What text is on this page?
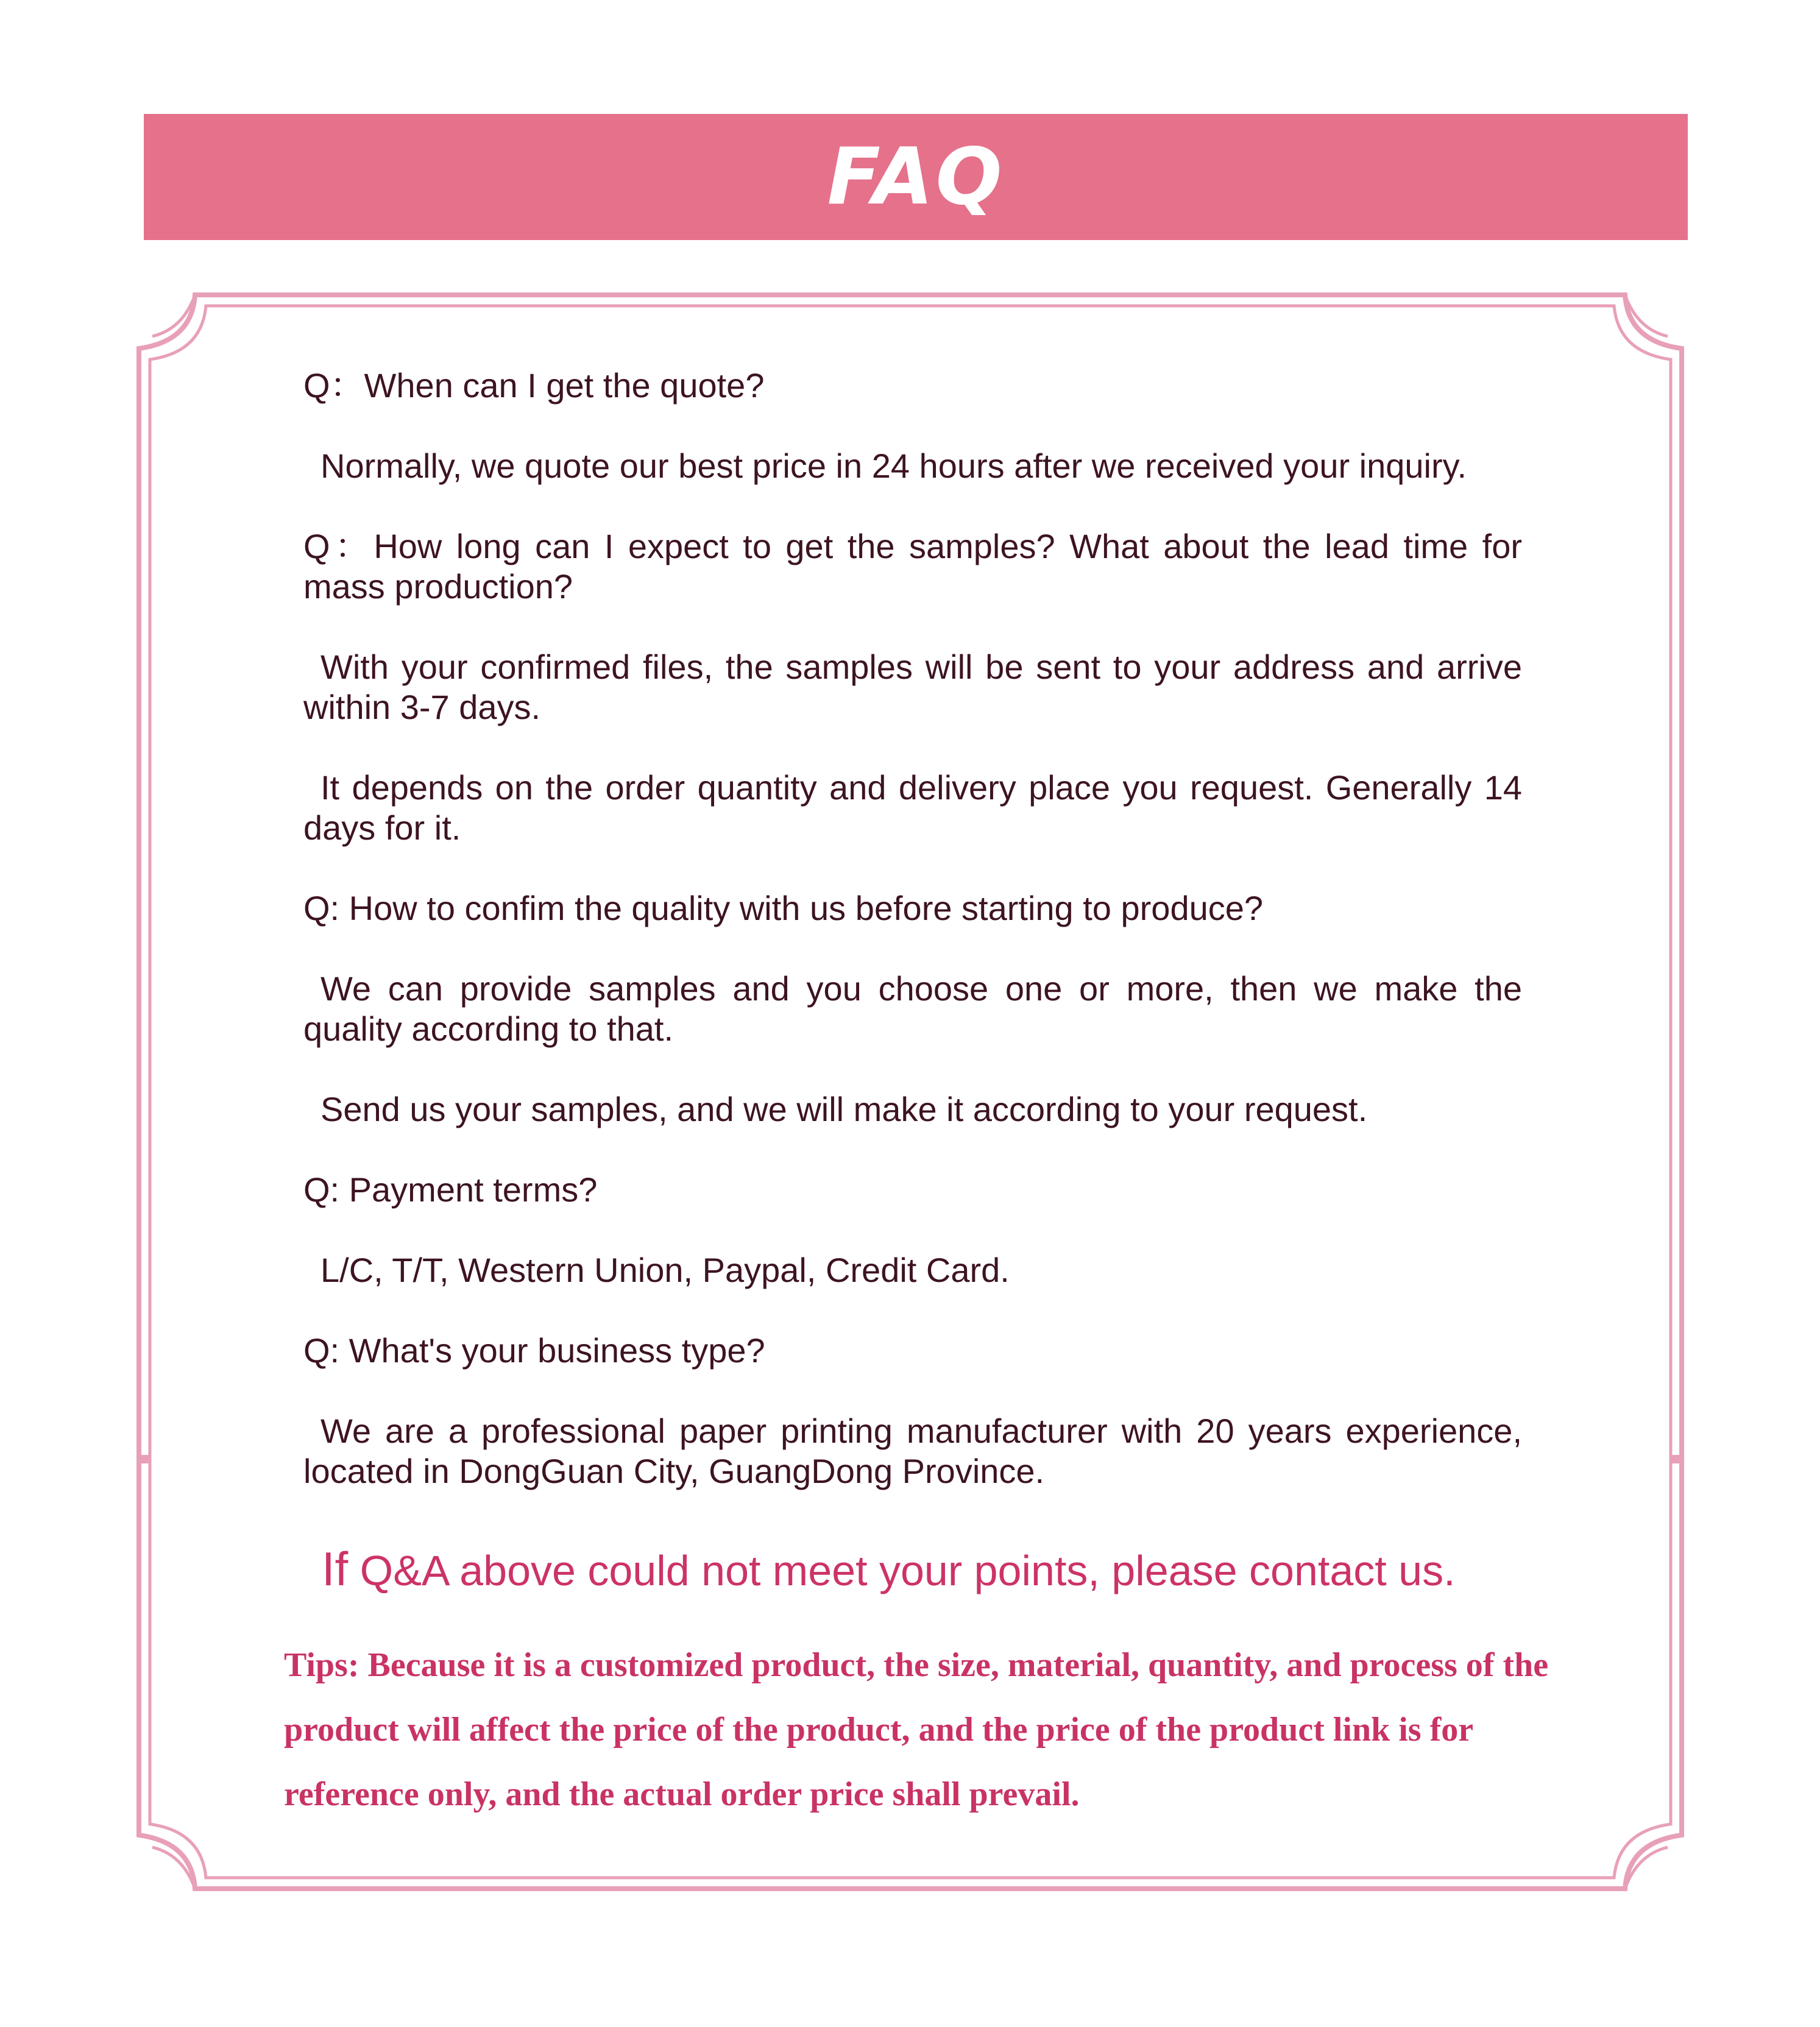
FAQ
Q：When can I get the quote?
Normally, we quote our best price in 24 hours after we received your inquiry.
Q：How long can I expect to get the samples? What about the lead time for mass production?
With your confirmed files, the samples will be sent to your address and arrive within 3-7 days.
It depends on the order quantity and delivery place you request. Generally 14 days for it.
Q: How to confim the quality with us before starting to produce?
We can provide samples and you choose one or more, then we make the quality according to that.
Send us your samples, and we will make it according to your request.
Q: Payment terms?
L/C, T/T, Western Union, Paypal, Credit Card.
Q: What's your business type?
We are a professional paper printing manufacturer with 20 years experience, located in DongGuan City, GuangDong Province.
If Q&A above could not meet your points, please contact us.
Tips: Because it is a customized product, the size, material, quantity, and process of the product will affect the price of the product, and the price of the product link is for reference only, and the actual order price shall prevail.
